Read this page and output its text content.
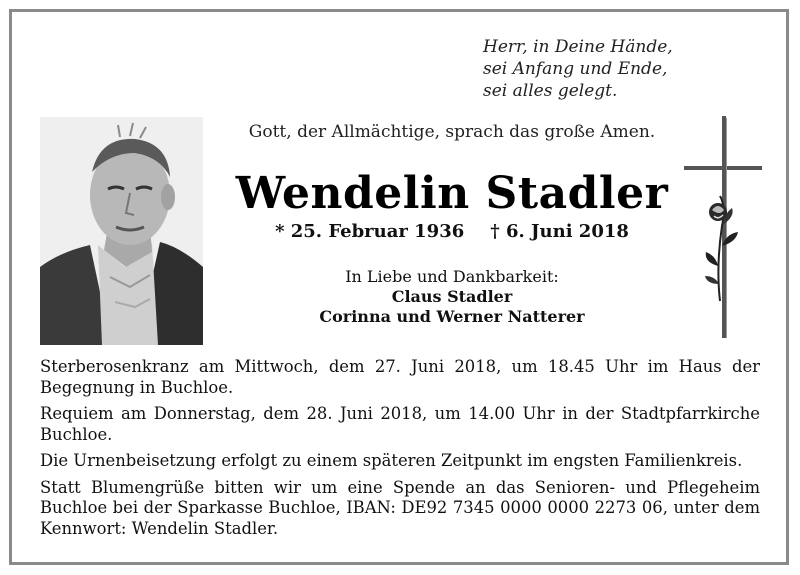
Herr, in Deine Hände,
sei Anfang und Ende,
sei alles gelegt.
Gott, der Allmächtige, sprach das große Amen.
Wendelin Stadler
* 25. Februar 1936 † 6. Juni 2018
In Liebe und Dankbarkeit:
Claus Stadler
Corinna und Werner Natterer

Sterberosenkranz am Mittwoch, dem 27. Juni 2018, um 18.45 Uhr im Haus der Begegnung in Buchloe.

Requiem am Donnerstag, dem 28. Juni 2018, um 14.00 Uhr in der Stadtpfarrkirche Buchloe.

Die Urnenbeisetzung erfolgt zu einem späteren Zeitpunkt im engsten Familienkreis.

Statt Blumengrüße bitten wir um eine Spende an das Senioren- und Pflegeheim Buchloe bei der Sparkasse Buchloe, IBAN: DE92 7345 0000 0000 2273 06, unter dem Kennwort: Wendelin Stadler.
